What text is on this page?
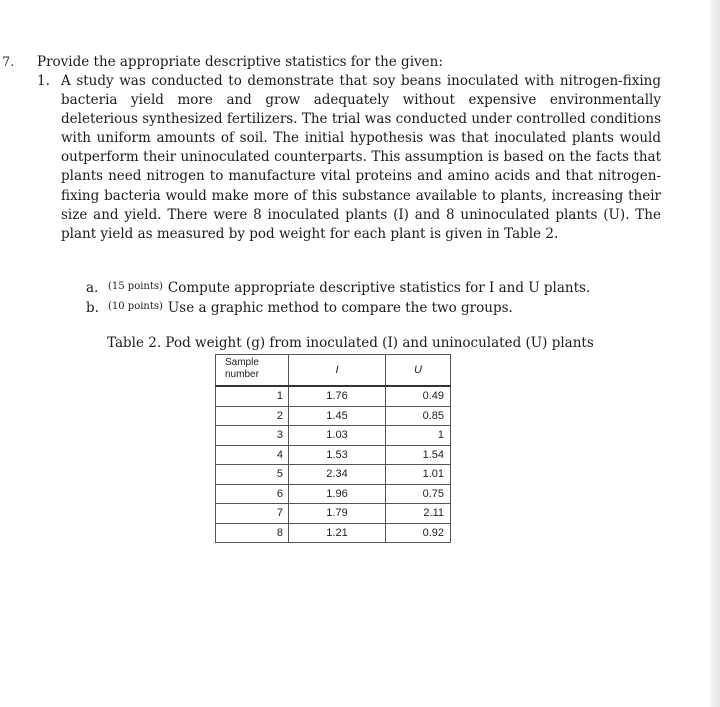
7. Provide the appropriate descriptive statistics for the given:
1. A study was conducted to demonstrate that soy beans inoculated with nitrogen-fixing bacteria yield more and grow adequately without expensive environmentally deleterious synthesized fertilizers. The trial was conducted under controlled conditions with uniform amounts of soil. The initial hypothesis was that inoculated plants would outperform their uninoculated counterparts. This assumption is based on the facts that plants need nitrogen to manufacture vital proteins and amino acids and that nitrogen-fixing bacteria would make more of this substance available to plants, increasing their size and yield. There were 8 inoculated plants (I) and 8 uninoculated plants (U). The plant yield as measured by pod weight for each plant is given in Table 2.
a. (15 points) Compute appropriate descriptive statistics for I and U plants.
b. (10 points) Use a graphic method to compare the two groups.
Table 2. Pod weight (g) from inoculated (I) and uninoculated (U) plants
Sample number	I	U
1	1.76	0.49
2	1.45	0.85
3	1.03	1
4	1.53	1.54
5	2.34	1.01
6	1.96	0.75
7	1.79	2.11
8	1.21	0.92
